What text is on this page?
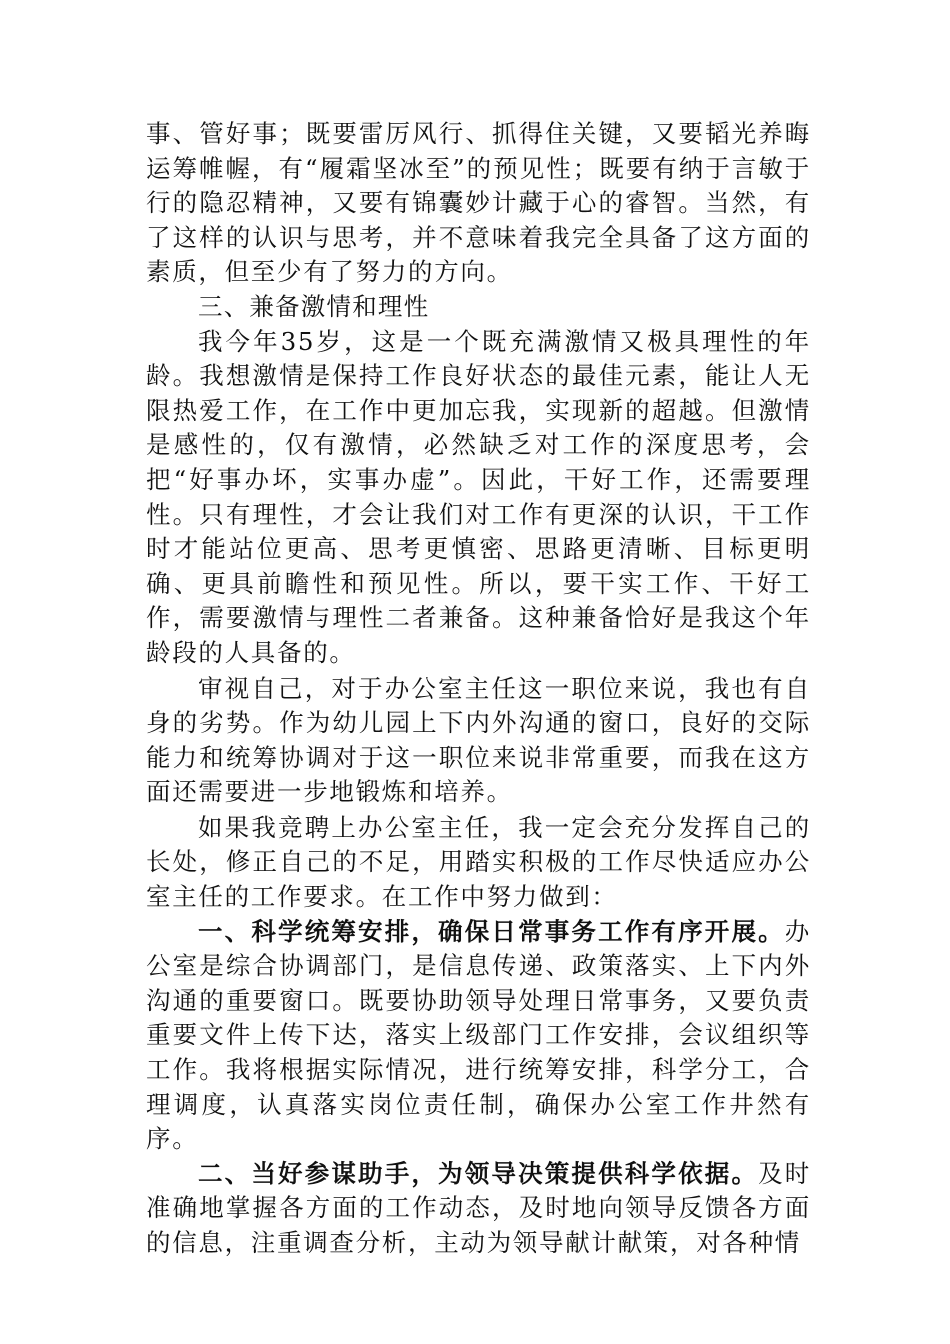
事、管好事；既要雷厉风行、抓得住关键，又要韬光养晦运筹帷幄，有“履霜坚冰至”的预见性；既要有纳于言敏于行的隐忍精神，又要有锦囊妙计藏于心的睿智。当然，有了这样的认识与思考，并不意味着我完全具备了这方面的素质，但至少有了努力的方向。

三、兼备激情和理性

我今年35岁，这是一个既充满激情又极具理性的年龄。我想激情是保持工作良好状态的最佳元素，能让人无限热爱工作，在工作中更加忘我，实现新的超越。但激情是感性的，仅有激情，必然缺乏对工作的深度思考，会把“好事办坏，实事办虚”。因此，干好工作，还需要理性。只有理性，才会让我们对工作有更深的认识，干工作时才能站位更高、思考更慎密、思路更清晰、目标更明确、更具前瞻性和预见性。所以，要干实工作、干好工作，需要激情与理性二者兼备。这种兼备恰好是我这个年龄段的人具备的。

审视自己，对于办公室主任这一职位来说，我也有自身的劣势。作为幼儿园上下内外沟通的窗口，良好的交际能力和统筹协调对于这一职位来说非常重要，而我在这方面还需要进一步地锻炼和培养。

如果我竞聘上办公室主任，我一定会充分发挥自己的长处，修正自己的不足，用踏实积极的工作尽快适应办公室主任的工作要求。在工作中努力做到：

一、科学统筹安排，确保日常事务工作有序开展。办公室是综合协调部门，是信息传递、政策落实、上下内外沟通的重要窗口。既要协助领导处理日常事务，又要负责重要文件上传下达，落实上级部门工作安排，会议组织等工作。我将根据实际情况，进行统筹安排，科学分工，合理调度，认真落实岗位责任制，确保办公室工作井然有序。

二、当好参谋助手，为领导决策提供科学依据。及时准确地掌握各方面的工作动态，及时地向领导反馈各方面的信息，注重调查分析，主动为领导献计献策，对各种情
